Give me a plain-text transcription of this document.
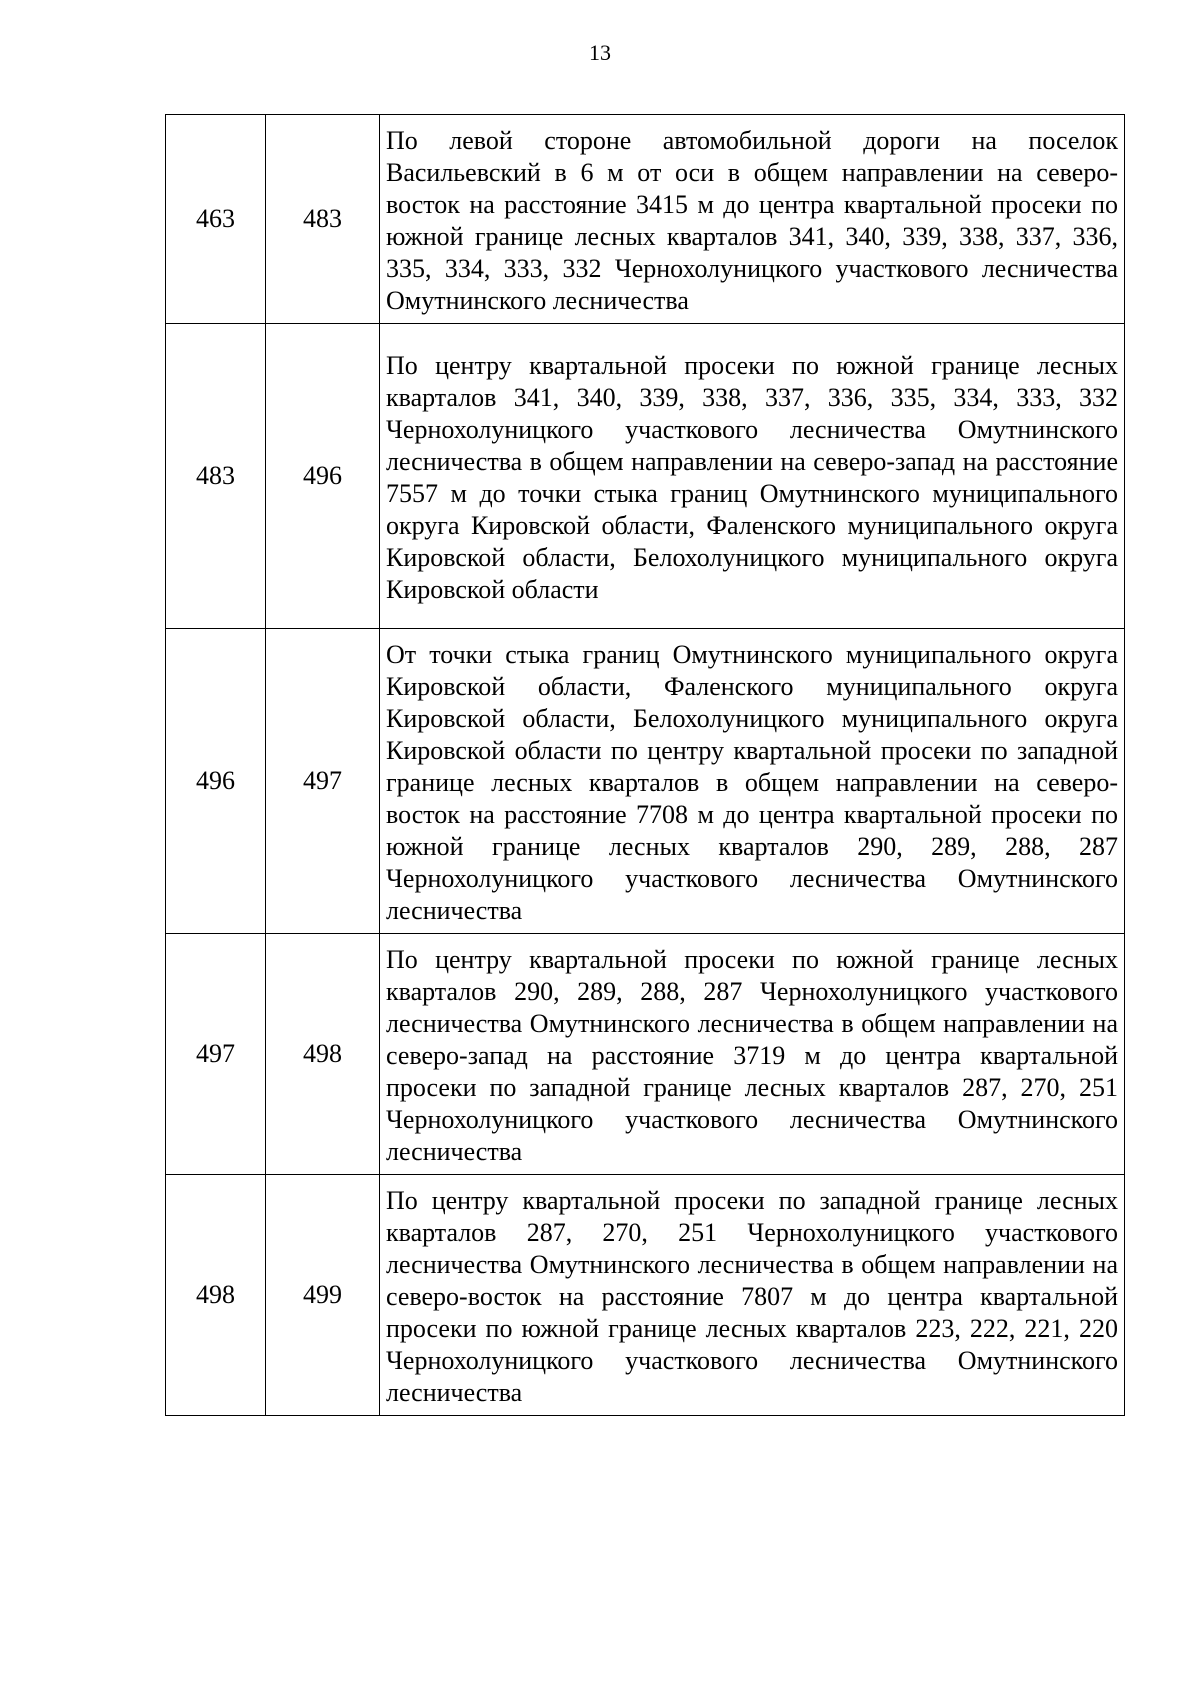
13
463	483	По левой стороне автомобильной дороги на поселок Васильевский в 6 м от оси в общем направлении на северо-восток на расстояние 3415 м до центра квартальной просеки по южной границе лесных кварталов 341, 340, 339, 338, 337, 336, 335, 334, 333, 332 Чернохолуницкого участкового лесничества Омутнинского лесничества
483	496	По центру квартальной просеки по южной границе лесных кварталов 341, 340, 339, 338, 337, 336, 335, 334, 333, 332 Чернохолуницкого участкового лесничества Омутнинского лесничества в общем направлении на северо-запад на расстояние 7557 м до точки стыка границ Омутнинского муниципального округа Кировской области, Фаленского муниципального округа Кировской области, Белохолуницкого муниципального округа Кировской области
496	497	От точки стыка границ Омутнинского муниципального округа Кировской области, Фаленского муниципального округа Кировской области, Белохолуницкого муниципального округа Кировской области по центру квартальной просеки по западной границе лесных кварталов в общем направлении на северо-восток на расстояние 7708 м до центра квартальной просеки по южной границе лесных кварталов 290, 289, 288, 287 Чернохолуницкого участкового лесничества Омутнинского лесничества
497	498	По центру квартальной просеки по южной границе лесных кварталов 290, 289, 288, 287 Чернохолуницкого участкового лесничества Омутнинского лесничества в общем направлении на северо-запад на расстояние 3719 м до центра квартальной просеки по западной границе лесных кварталов 287, 270, 251 Чернохолуницкого участкового лесничества Омутнинского лесничества
498	499	По центру квартальной просеки по западной границе лесных кварталов 287, 270, 251 Чернохолуницкого участкового лесничества Омутнинского лесничества в общем направлении на северо-восток на расстояние 7807 м до центра квартальной просеки по южной границе лесных кварталов 223, 222, 221, 220 Чернохолуницкого участкового лесничества Омутнинского лесничества
